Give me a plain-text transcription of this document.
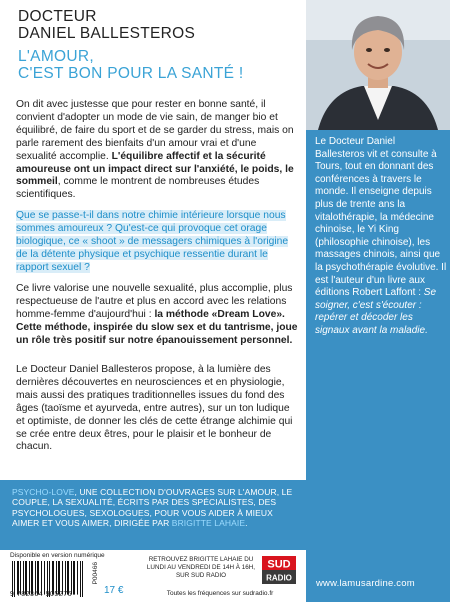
DOCTEUR
DANIEL BALLESTEROS
L'AMOUR,
C'EST BON POUR LA SANTÉ !
On dit avec justesse que pour rester en bonne santé, il convient d'adopter un mode de vie sain, de manger bio et équilibré, de faire du sport et de se garder du stress, mais on parle rarement des bienfaits d'un amour vrai et d'une sexualité accomplie. L'équilibre affectif et la sécurité amoureuse ont un impact direct sur l'anxiété, le poids, le sommeil, comme le montrent de nombreuses études scientifiques.
Que se passe-t-il dans notre chimie intérieure lorsque nous sommes amoureux ? Qu'est-ce qui provoque cet orage biologique, ce « shoot » de messagers chimiques à l'origine de la détente physique et psychique ressentie durant le rapport sexuel ?
Ce livre valorise une nouvelle sexualité, plus accomplie, plus respectueuse de l'autre et plus en accord avec les relations homme-femme d'aujourd'hui : la méthode «Dream Love». Cette méthode, inspirée du slow sex et du tantrisme, joue un rôle très positif sur notre épanouissement personnel.
Le Docteur Daniel Ballesteros propose, à la lumière des dernières découvertes en neurosciences et en physiologie, mais aussi des pratiques traditionnelles issues du fond des âges (taoïsme et ayurveda, entre autres), sur un ton ludique et optimiste, de donner les clés de cette étrange alchimie qui se crée entre deux êtres, pour le plaisir et le bonheur de chacun.
Le Docteur Daniel Ballesteros vit et consulte à Tours, tout en donnant des conférences à travers le monde. Il enseigne depuis plus de trente ans la vitalothérapie, la médecine chinoise, le Yi King (philosophie chinoise), les massages chinois, ainsi que la psychothérapie évolutive. Il est l'auteur d'un livre aux éditions Robert Laffont : Se soigner, c'est s'écouter : repérer et décoder les signaux avant la maladie.
PSYCHO-LOVE, UNE COLLECTION D'OUVRAGES SUR L'AMOUR, LE COUPLE, LA SEXUALITÉ, ÉCRITS PAR DES SPÉCIALISTES, DES PSYCHOLOGUES, SEXOLOGUES, POUR VOUS AIDER À MIEUX AIMER ET VOUS AIMER, DIRIGÉE PAR BRIGITTE LAHAIE.
Disponible en version numérique
9 782364 905276
P00466
17 €
RETROUVEZ BRIGITTE LAHAIE DU LUNDI AU VENDREDI DE 14H À 16H, SUR SUD RADIO
SUD
RADIO
Toutes les fréquences sur sudradio.fr
www.lamusardine.com
